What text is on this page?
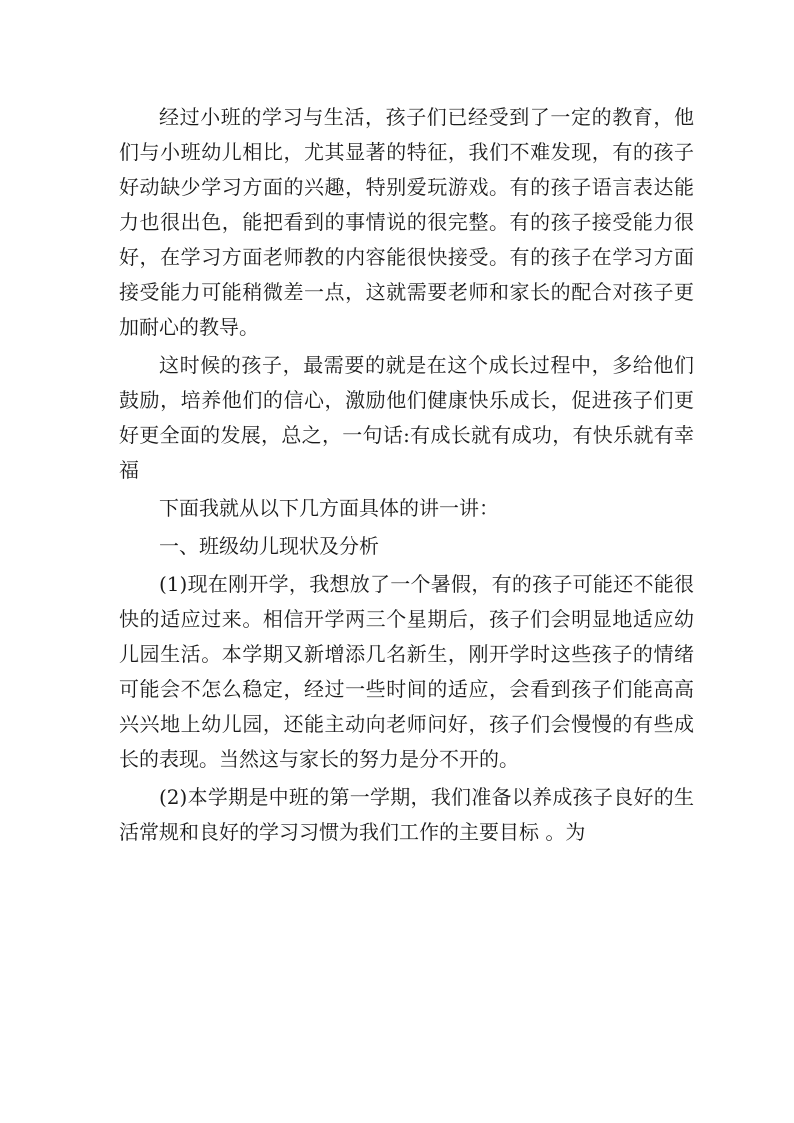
经过小班的学习与生活，孩子们已经受到了一定的教育，他们与小班幼儿相比，尤其显著的特征，我们不难发现，有的孩子好动缺少学习方面的兴趣，特别爱玩游戏。有的孩子语言表达能力也很出色，能把看到的事情说的很完整。有的孩子接受能力很好，在学习方面老师教的内容能很快接受。有的孩子在学习方面接受能力可能稍微差一点，这就需要老师和家长的配合对孩子更加耐心的教导。

这时候的孩子，最需要的就是在这个成长过程中，多给他们鼓励，培养他们的信心，激励他们健康快乐成长，促进孩子们更好更全面的发展，总之，一句话:有成长就有成功，有快乐就有幸福

下面我就从以下几方面具体的讲一讲：

一、班级幼儿现状及分析

(1)现在刚开学，我想放了一个暑假，有的孩子可能还不能很快的适应过来。相信开学两三个星期后，孩子们会明显地适应幼儿园生活。本学期又新增添几名新生，刚开学时这些孩子的情绪可能会不怎么稳定，经过一些时间的适应，会看到孩子们能高高兴兴地上幼儿园，还能主动向老师问好，孩子们会慢慢的有些成长的表现。当然这与家长的努力是分不开的。

(2)本学期是中班的第一学期，我们准备以养成孩子良好的生活常规和良好的学习习惯为我们工作的主要目标 。为
